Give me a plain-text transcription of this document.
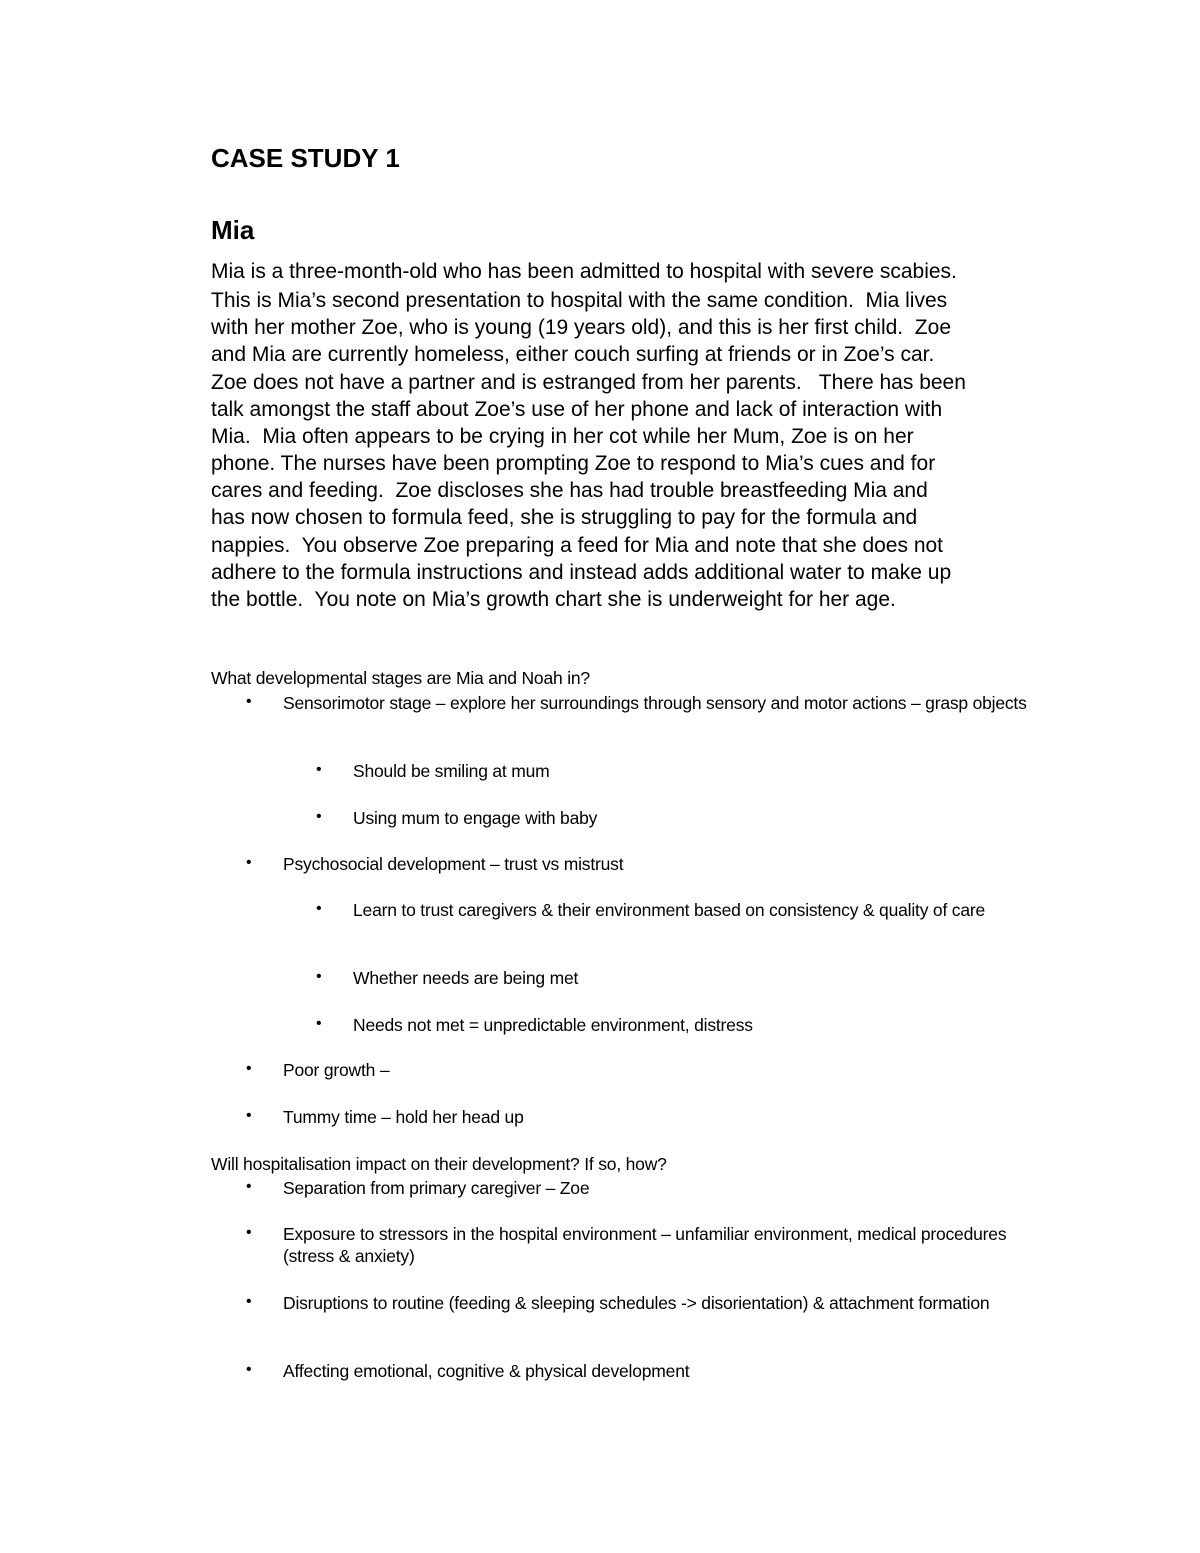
CASE STUDY 1
Mia
Mia is a three-month-old who has been admitted to hospital with severe scabies.
This is Mia’s second presentation to hospital with the same condition.  Mia lives
with her mother Zoe, who is young (19 years old), and this is her first child.  Zoe
and Mia are currently homeless, either couch surfing at friends or in Zoe’s car.
Zoe does not have a partner and is estranged from her parents.   There has been
talk amongst the staff about Zoe’s use of her phone and lack of interaction with
Mia.  Mia often appears to be crying in her cot while her Mum, Zoe is on her
phone. The nurses have been prompting Zoe to respond to Mia’s cues and for
cares and feeding.  Zoe discloses she has had trouble breastfeeding Mia and
has now chosen to formula feed, she is struggling to pay for the formula and
nappies.  You observe Zoe preparing a feed for Mia and note that she does not
adhere to the formula instructions and instead adds additional water to make up
the bottle.  You note on Mia’s growth chart she is underweight for her age.
What developmental stages are Mia and Noah in?
• Sensorimotor stage – explore her surroundings through sensory and motor actions – grasp objects
• Should be smiling at mum
• Using mum to engage with baby
• Psychosocial development – trust vs mistrust
• Learn to trust caregivers & their environment based on consistency & quality of care
• Whether needs are being met
• Needs not met = unpredictable environment, distress
• Poor growth –
• Tummy time – hold her head up
Will hospitalisation impact on their development? If so, how?
• Separation from primary caregiver – Zoe
• Exposure to stressors in the hospital environment – unfamiliar environment, medical procedures (stress & anxiety)
• Disruptions to routine (feeding & sleeping schedules -> disorientation) & attachment formation
• Affecting emotional, cognitive & physical development
